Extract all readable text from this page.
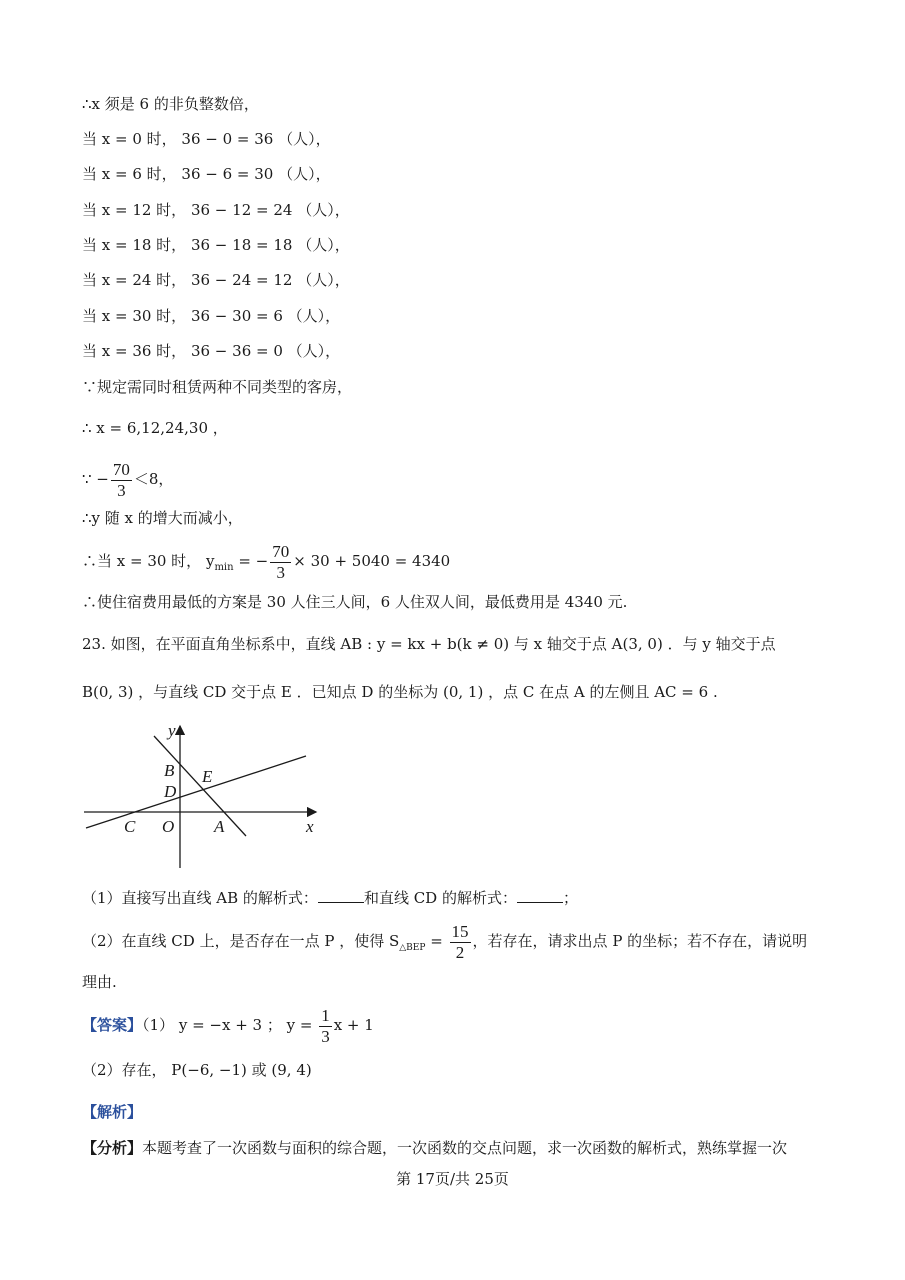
∴x 须是 6 的非负整数倍，
当 x = 0 时， 36 − 0 = 36 （人），
当 x = 6 时， 36 − 6 = 30 （人），
当 x = 12 时， 36 − 12 = 24 （人），
当 x = 18 时， 36 − 18 = 18 （人），
当 x = 24 时， 36 − 24 = 12 （人），
当 x = 30 时， 36 − 30 = 6 （人），
当 x = 36 时， 36 − 36 = 0 （人），
∵规定需同时租赁两种不同类型的客房，
∴ x = 6,12,24,30 ，
∵ − $\frac{70}{3} <8$，
∴y 随 x 的增大而减小，
∴当 x = 30 时， $y_{min}$ = − $\frac{70}{3} \times 30 + 5040 = 4340$
∴使住宿费用最低的方案是 30 人住三人间，6 人住双人间，最低费用是 4340 元.
23. 如图，在平面直角坐标系中，直线 AB : y = kx + b(k ≠ 0) 与 x 轴交于点 A(3, 0) ．与 y 轴交于点
B(0, 3) ，与直线 CD 交于点 E ．已知点 D 的坐标为 (0, 1) ，点 C 在点 A 的左侧且 AC = 6 .
y
x
B E
D
C O A
（1）直接写出直线 AB 的解析式：	和直线 CD 的解析式：	；
（2）在直线 CD 上，是否存在一点 P ，使得 $S_{\triangle BEP} = \frac{15}{2}$ ，若存在，请求出点 P 的坐标；若不存在，请说明
理由.
【答案】（1） y = −x + 3 ； $y = \frac{1}{3}$ x + 1
（2）存在， P(−6, −1) 或 (9, 4)
【解析】
【分析】本题考查了一次函数与面积的综合题，一次函数的交点问题，求一次函数的解析式，熟练掌握一次
第 17页/共 25页
